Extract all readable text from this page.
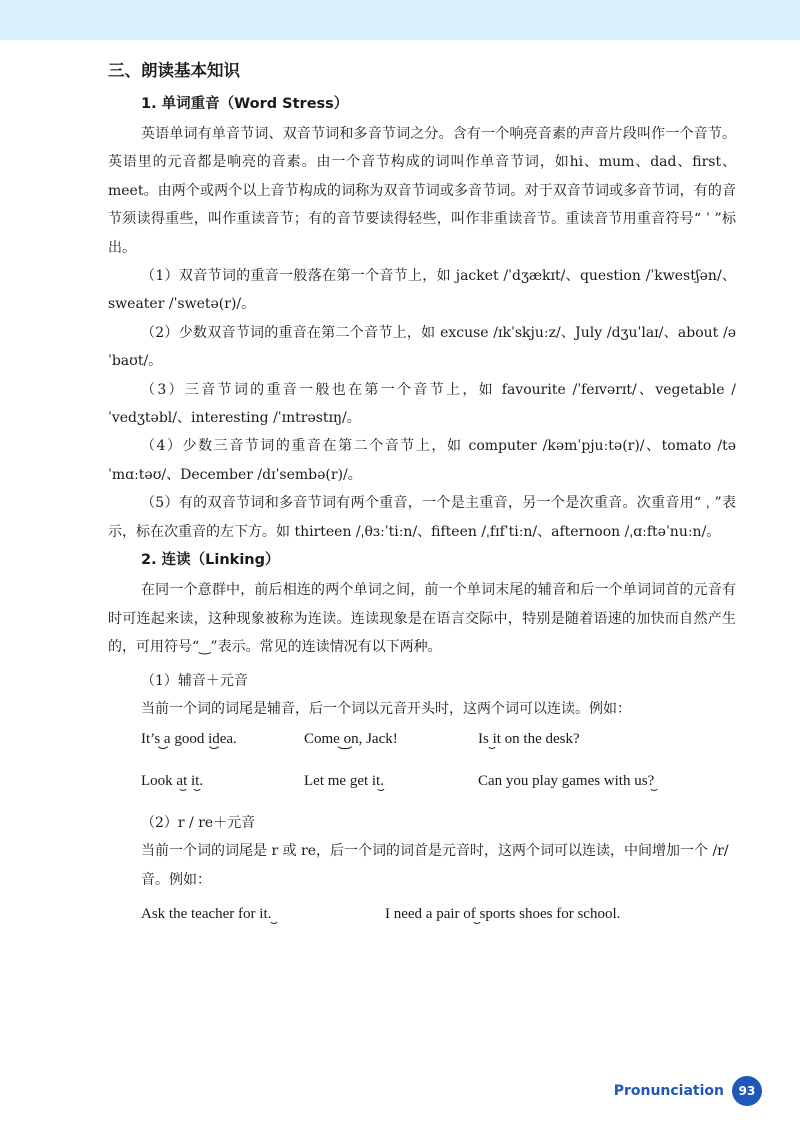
三、朗读基本知识
1. 单词重音（Word Stress）

英语单词有单音节词、双音节词和多音节词之分。含有一个响亮音素的声音片段叫作一个音节。英语里的元音都是响亮的音素。由一个音节构成的词叫作单音节词，如hi、mum、dad、first、meet。由两个或两个以上音节构成的词称为双音节词或多音节词。对于双音节词或多音节词，有的音节须读得重些，叫作重读音节；有的音节要读得轻些，叫作非重读音节。重读音节用重音符号“ ˈ ”标出。

（1）双音节词的重音一般落在第一个音节上，如 jacket /ˈdʒækɪt/、question /ˈkwestʃən/、sweater /ˈswetə(r)/。

（2）少数双音节词的重音在第二个音节上，如 excuse /ɪkˈskjuːz/、July /dʒuˈlaɪ/、about /əˈbaʊt/。

（3）三音节词的重音一般也在第一个音节上，如 favourite /ˈfeɪvərɪt/、vegetable /ˈvedʒtəbl/、interesting /ˈɪntrəstɪŋ/。

（4）少数三音节词的重音在第二个音节上，如 computer /kəmˈpjuːtə(r)/、tomato /təˈmɑːtəʊ/、December /dɪˈsembə(r)/。

（5）有的双音节词和多音节词有两个重音，一个是主重音，另一个是次重音。次重音用“ ˌ ”表示，标在次重音的左下方。如 thirteen /ˌθɜːˈtiːn/、fifteen /ˌfɪfˈtiːn/、afternoon /ˌɑːftəˈnuːn/。

2. 连读（Linking）

在同一个意群中，前后相连的两个单词之间，前一个单词末尾的辅音和后一个单词词首的元音有时可连起来读，这种现象被称为连读。连读现象是在语言交际中，特别是随着语速的加快而自然产生的，可用符号“‿”表示。常见的连读情况有以下两种。

（1）辅音＋元音
当前一个词的词尾是辅音，后一个词以元音开头时，这两个词可以连读。例如：
It’s a good idea.	Come on, Jack!	Is it on the desk?
Look at it.	Let me get it.	Can you play games with us?
（2）r / re＋元音
当前一个词的词尾是 r 或 re，后一个词的词首是元音时，这两个词可以连读，中间增加一个 /r/ 音。例如：
Ask the teacher for it.	I need a pair of sports shoes for school.
Pronunciation	93
